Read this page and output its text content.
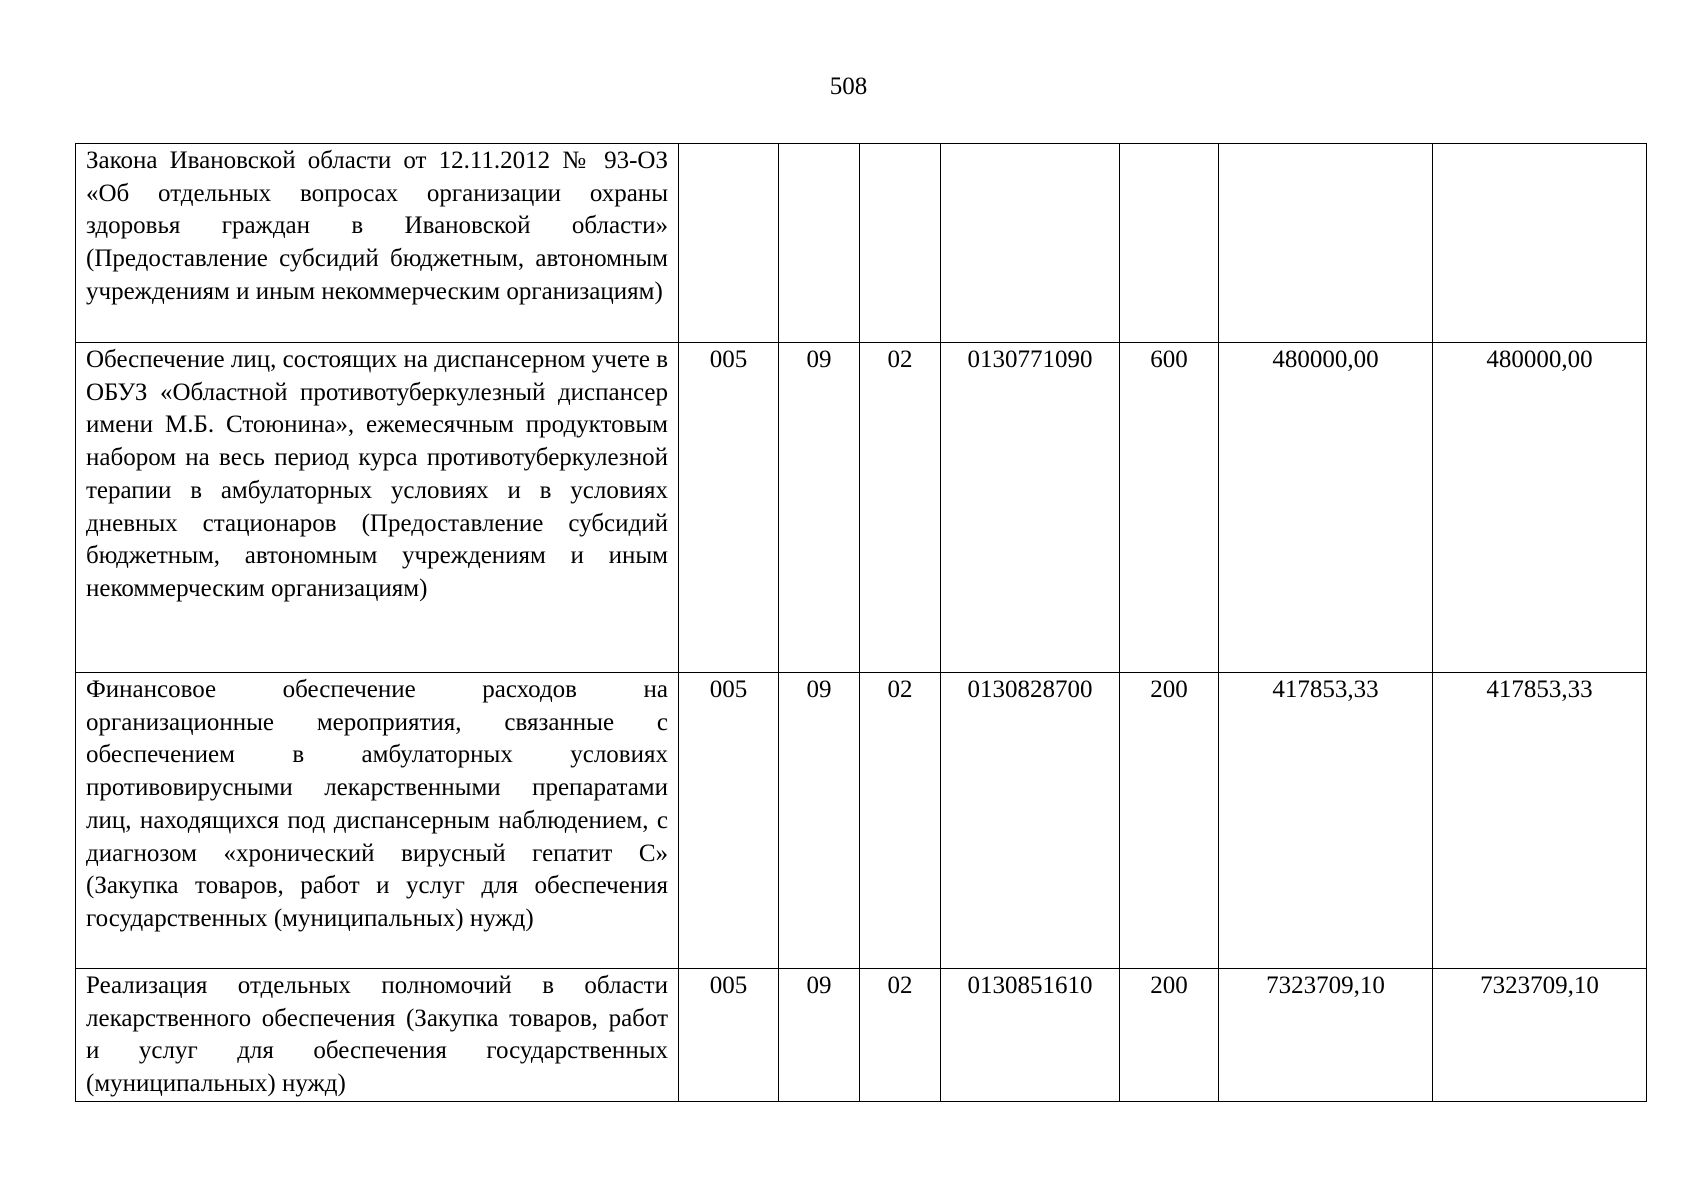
508
Закона Ивановской области от 12.11.2012 № 93-ОЗ «Об отдельных вопросах организации охраны здоровья граждан в Ивановской области» (Предоставление субсидий бюджетным, автономным учреждениям и иным некоммерческим организациям)							
Обеспечение лиц, состоящих на диспансерном учете в ОБУЗ «Областной противотуберкулезный диспансер имени М.Б. Стоюнина», ежемесячным продуктовым набором на весь период курса противотуберкулезной терапии в амбулаторных условиях и в условиях дневных стационаров (Предоставление субсидий бюджетным, автономным учреждениям и иным некоммерческим организациям)	005	09	02	0130771090	600	480000,00	480000,00
Финансовое обеспечение расходов на организационные мероприятия, связанные с обеспечением в амбулаторных условиях противовирусными лекарственными препаратами лиц, находящихся под диспансерным наблюдением, с диагнозом «хронический вирусный гепатит С» (Закупка товаров, работ и услуг для обеспечения государственных (муниципальных) нужд)	005	09	02	0130828700	200	417853,33	417853,33
Реализация отдельных полномочий в области лекарственного обеспечения (Закупка товаров, работ и услуг для обеспечения государственных (муниципальных) нужд)	005	09	02	0130851610	200	7323709,10	7323709,10
